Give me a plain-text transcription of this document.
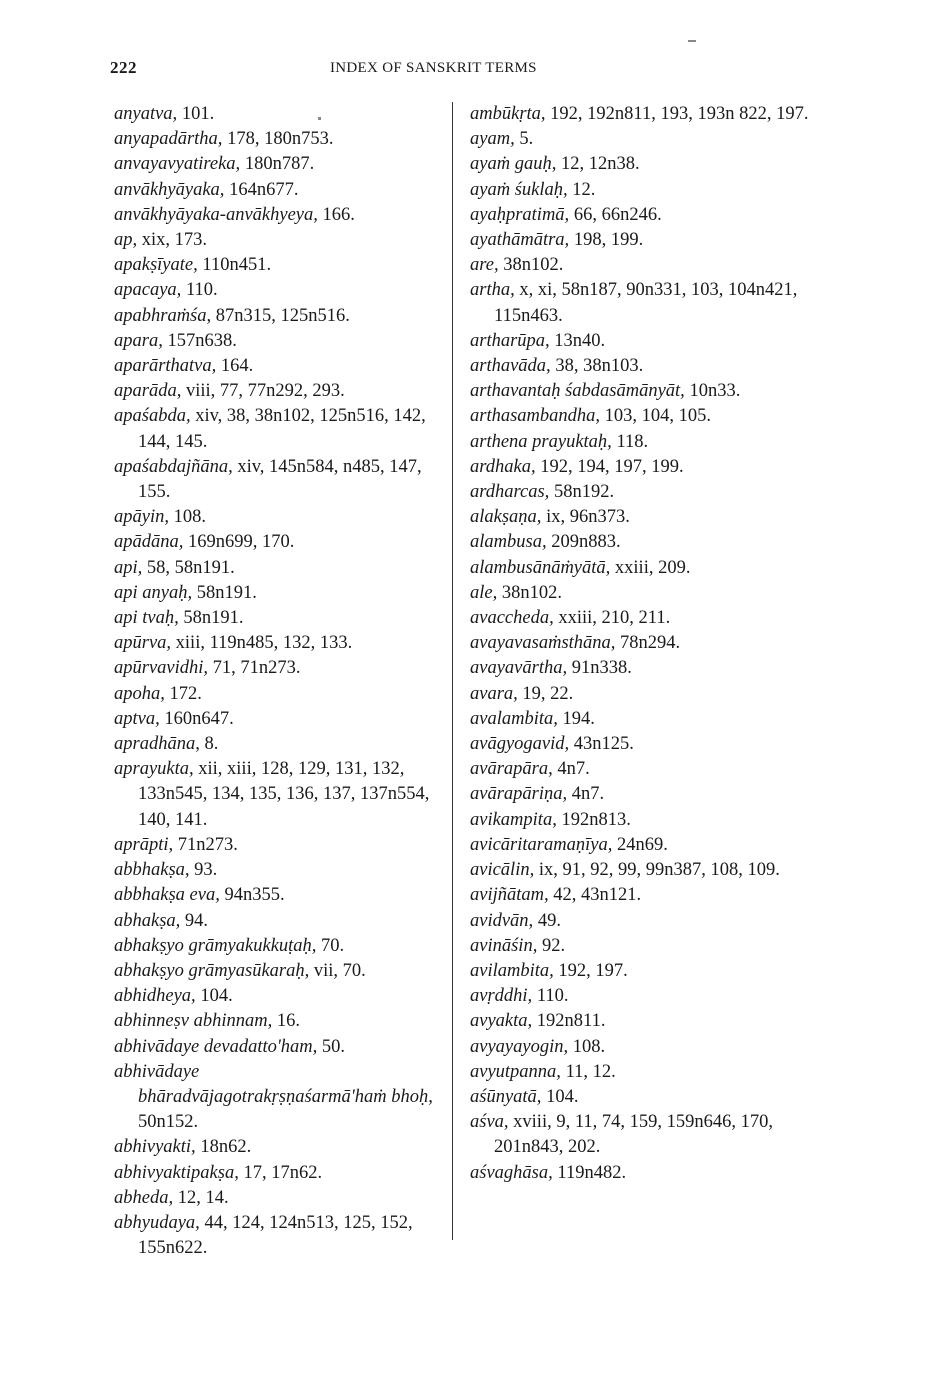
222	INDEX OF SANSKRIT TERMS
anyatva, 101.
anyapadārtha, 178, 180n753.
anvayavyatireka, 180n787.
anvākhyāyaka, 164n677.
anvākhyāyaka-anvākhyeya, 166.
ap, xix, 173.
apakṣīyate, 110n451.
apacaya, 110.
apabhraṁśa, 87n315, 125n516.
apara, 157n638.
aparārthatva, 164.
aparāda, viii, 77, 77n292, 293.
apaśabda, xiv, 38, 38n102, 125n516, 142, 144, 145.
apaśabdajñāna, xiv, 145n584, n485, 147, 155.
apāyin, 108.
apādāna, 169n699, 170.
api, 58, 58n191.
api anyaḥ, 58n191.
api tvaḥ, 58n191.
apūrva, xiii, 119n485, 132, 133.
apūrvavidhi, 71, 71n273.
apoha, 172.
aptva, 160n647.
apradhāna, 8.
aprayukta, xii, xiii, 128, 129, 131, 132, 133n545, 134, 135, 136, 137, 137n554, 140, 141.
aprāpti, 71n273.
abbhakṣa, 93.
abbhakṣa eva, 94n355.
abhakṣa, 94.
abhakṣyo grāmyakukkuṭaḥ, 70.
abhakṣyo grāmyasūkaraḥ, vii, 70.
abhidheya, 104.
abhinneṣv abhinnam, 16.
abhivādaye devadatto'ham, 50.
abhivādaye bhāradvājagotrakṛṣṇaśarmā'haṁ bhoḥ, 50n152.
abhivyakti, 18n62.
abhivyaktipakṣa, 17, 17n62.
abheda, 12, 14.
abhyudaya, 44, 124, 124n513, 125, 152, 155n622.
ambūkṛta, 192, 192n811, 193, 193n 822, 197.
ayam, 5.
ayaṁ gauḥ, 12, 12n38.
ayaṁ śuklaḥ, 12.
ayaḥpratimā, 66, 66n246.
ayathāmātra, 198, 199.
are, 38n102.
artha, x, xi, 58n187, 90n331, 103, 104n421, 115n463.
artharūpa, 13n40.
arthavāda, 38, 38n103.
arthavantaḥ śabdasāmānyāt, 10n33.
arthasambandha, 103, 104, 105.
arthena prayuktaḥ, 118.
ardhaka, 192, 194, 197, 199.
ardharcas, 58n192.
alakṣaṇa, ix, 96n373.
alambusa, 209n883.
alambusānāṁyātā, xxiii, 209.
ale, 38n102.
avaccheda, xxiii, 210, 211.
avayavasaṁsthāna, 78n294.
avayavārtha, 91n338.
avara, 19, 22.
avalambita, 194.
avāgyogavid, 43n125.
avārapāra, 4n7.
avārapāriṇa, 4n7.
avikampita, 192n813.
avicāritaramaṇīya, 24n69.
avicālin, ix, 91, 92, 99, 99n387, 108, 109.
avijñātam, 42, 43n121.
avidvān, 49.
avināśin, 92.
avilambita, 192, 197.
avṛddhi, 110.
avyakta, 192n811.
avyayayogin, 108.
avyutpanna, 11, 12.
aśūnyatā, 104.
aśva, xviii, 9, 11, 74, 159, 159n646, 170, 201n843, 202.
aśvaghāsa, 119n482.
